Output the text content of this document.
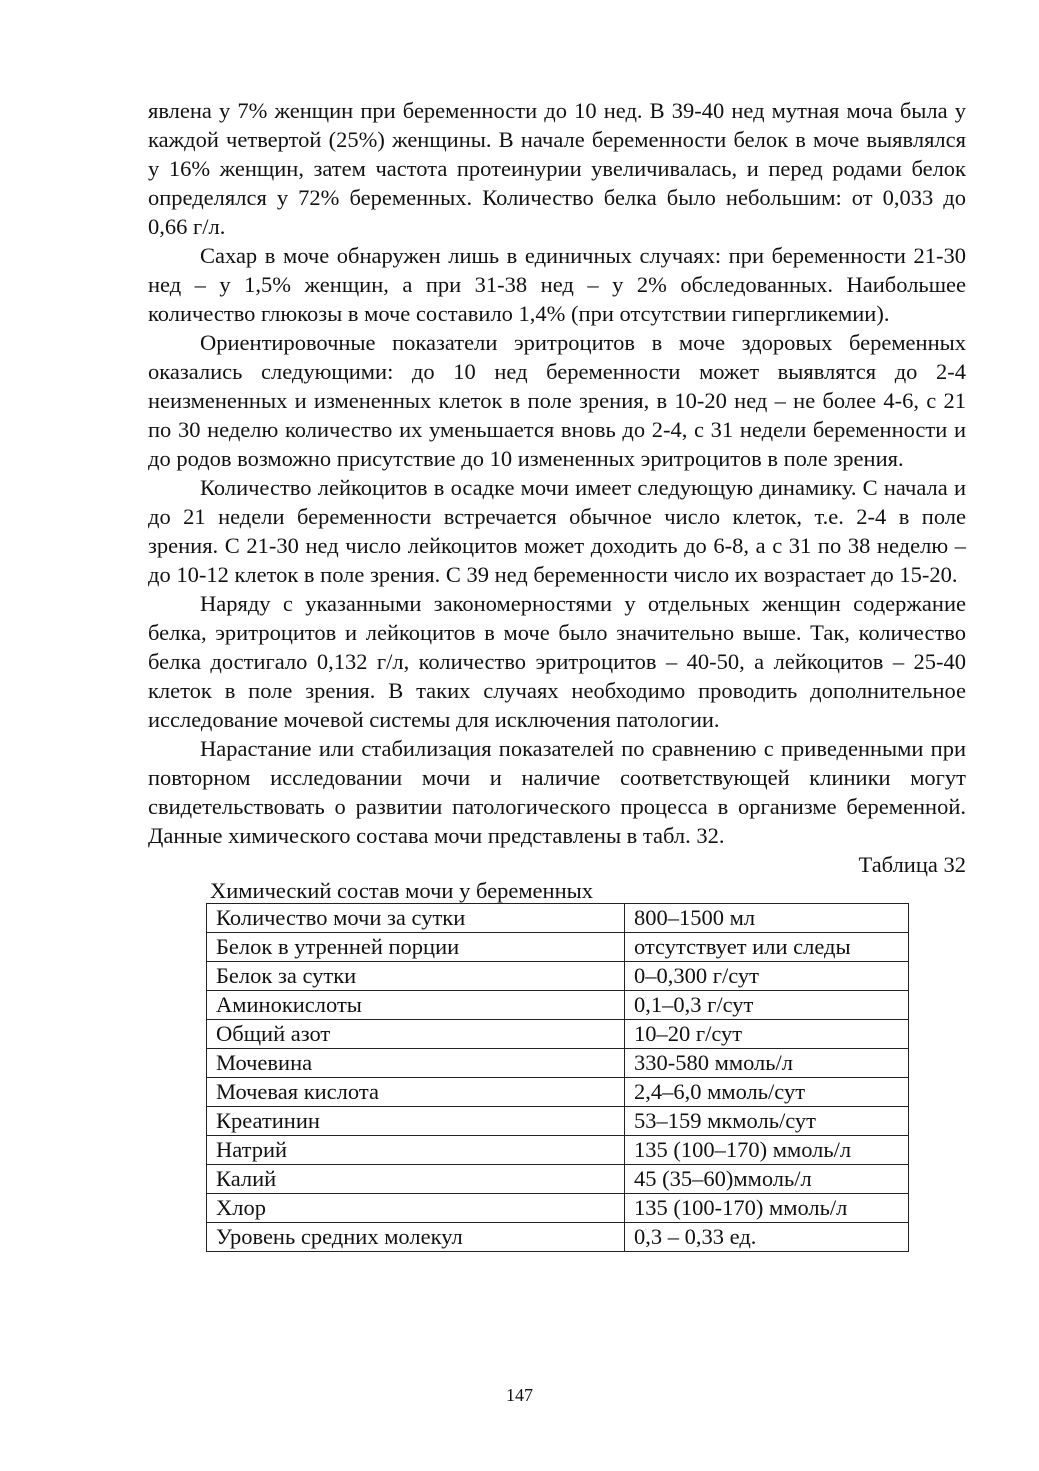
явлена у 7% женщин при беременности до 10 нед. В 39-40 нед мутная моча была у каждой четвертой (25%) женщины. В начале беременности белок в моче выявлялся у 16% женщин, затем частота протеинурии увеличивалась, и перед родами белок определялся у 72% беременных. Количество белка было небольшим: от 0,033 до 0,66 г/л.

Сахар в моче обнаружен лишь в единичных случаях: при беременности 21-30 нед – у 1,5% женщин, а при 31-38 нед – у 2% обследованных. Наибольшее количество глюкозы в моче составило 1,4% (при отсутствии гипергликемии).

Ориентировочные показатели эритроцитов в моче здоровых беременных оказались следующими: до 10 нед беременности может выявлятся до 2-4 неизмененных и измененных клеток в поле зрения, в 10-20 нед – не более 4-6, с 21 по 30 неделю количество их уменьшается вновь до 2-4, с 31 недели беременности и до родов возможно присутствие до 10 измененных эритроцитов в поле зрения.

Количество лейкоцитов в осадке мочи имеет следующую динамику. С начала и до 21 недели беременности встречается обычное число клеток, т.е. 2-4 в поле зрения. С 21-30 нед число лейкоцитов может доходить до 6-8, а с 31 по 38 неделю – до 10-12 клеток в поле зрения. С 39 нед беременности число их возрастает до 15-20.

Наряду с указанными закономерностями у отдельных женщин содержание белка, эритроцитов и лейкоцитов в моче было значительно выше. Так, количество белка достигало 0,132 г/л, количество эритроцитов – 40-50, а лейкоцитов – 25-40 клеток в поле зрения. В таких случаях необходимо проводить дополнительное исследование мочевой системы для исключения патологии.

Нарастание или стабилизация показателей по сравнению с приведенными при повторном исследовании мочи и наличие соответствующей клиники могут свидетельствовать о развитии патологического процесса в организме беременной. Данные химического состава мочи представлены в табл. 32.

Таблица 32

Химический состав мочи у беременных

Количество мочи за сутки	800–1500 мл
Белок в утренней порции	отсутствует или следы
Белок за сутки	0–0,300 г/сут
Аминокислоты	0,1–0,3 г/сут
Общий азот	10–20 г/сут
Мочевина	330-580 ммоль/л
Мочевая кислота	2,4–6,0 ммоль/сут
Креатинин	53–159 мкмоль/сут
Натрий	135 (100–170) ммоль/л
Калий	45 (35–60)ммоль/л
Хлор	135 (100-170) ммоль/л
Уровень средних молекул	0,3 – 0,33 ед.
147
